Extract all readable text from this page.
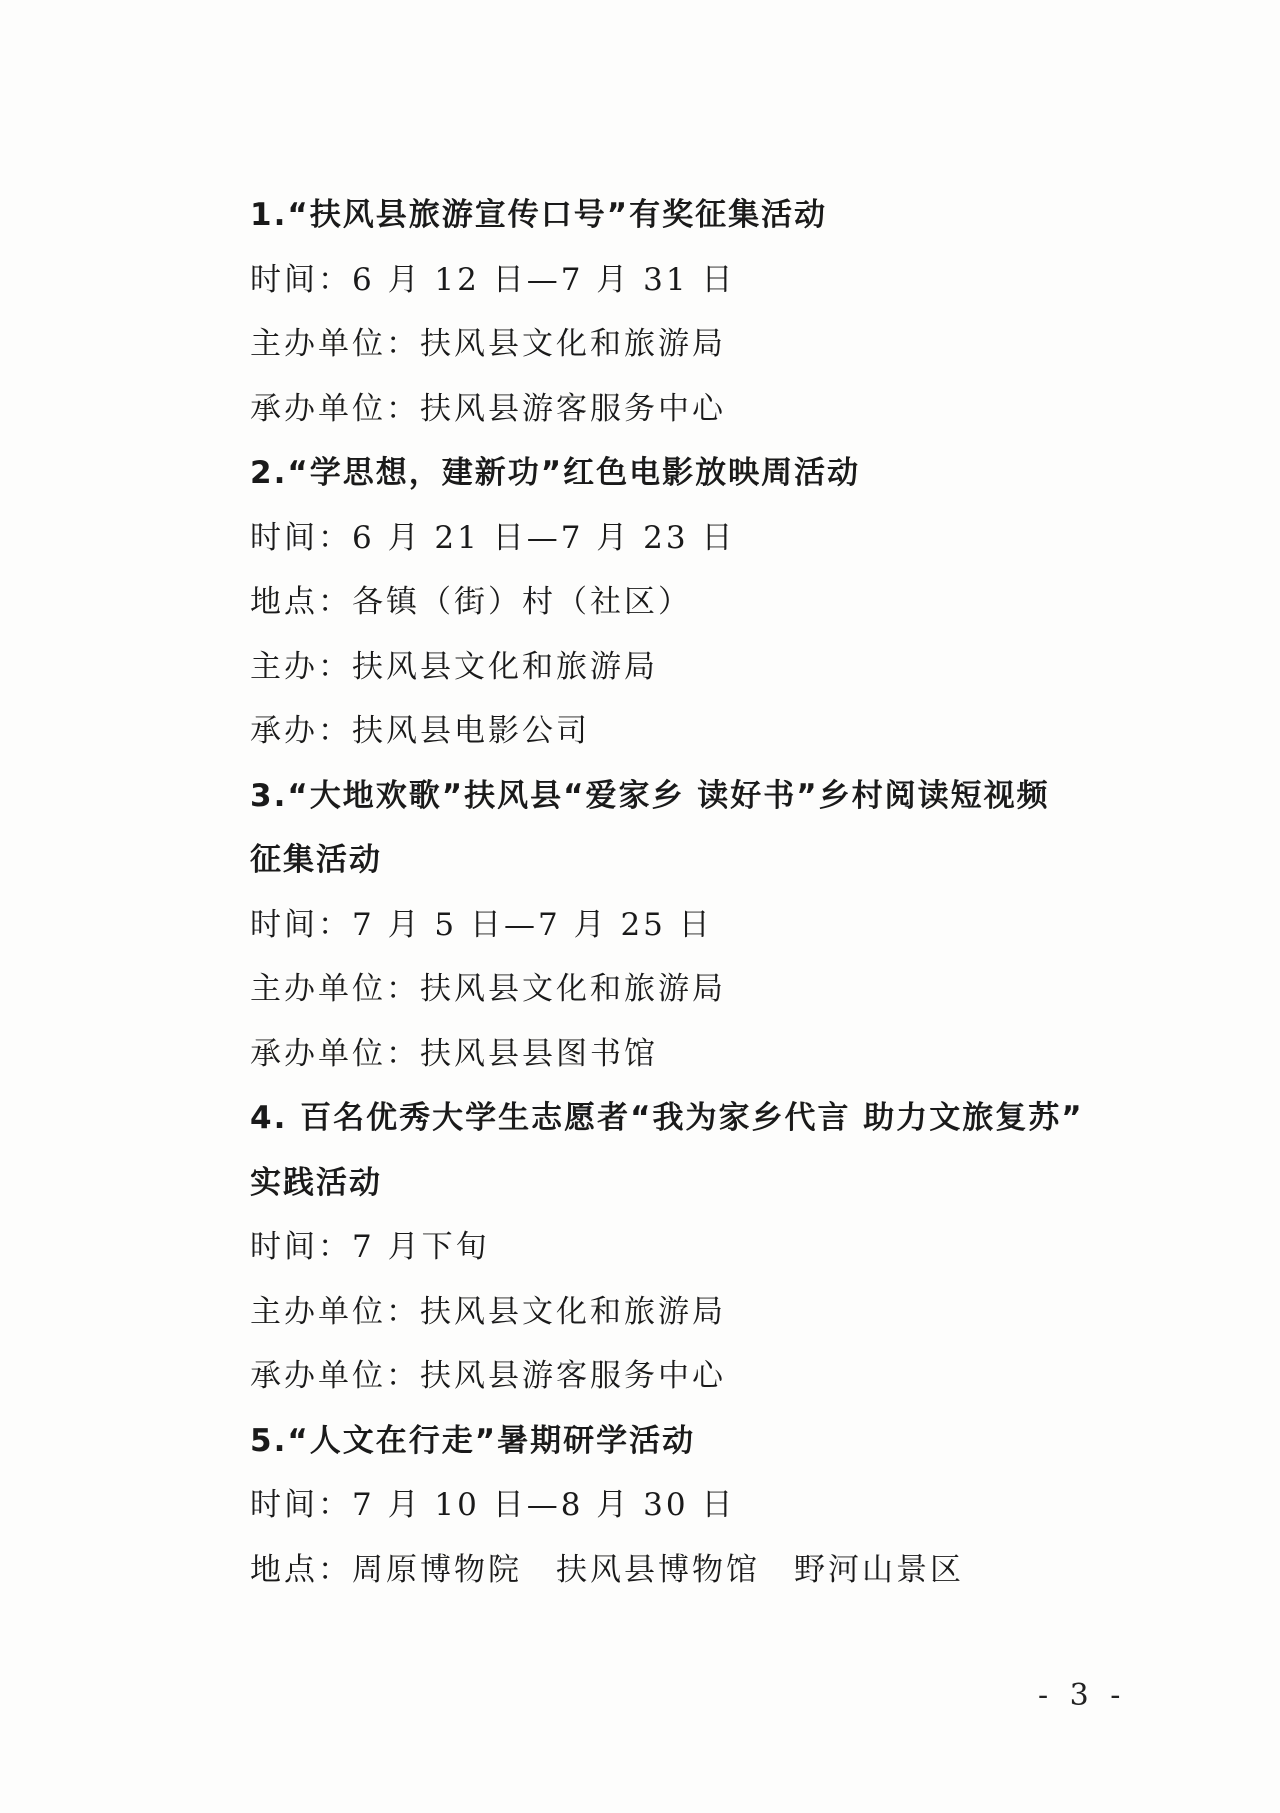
1.“扶风县旅游宣传口号”有奖征集活动
时间：6 月 12 日—7 月 31 日
主办单位：扶风县文化和旅游局
承办单位：扶风县游客服务中心
2.“学思想，建新功”红色电影放映周活动
时间：6 月 21 日—7 月 23 日
地点：各镇（街）村（社区）
主办：扶风县文化和旅游局
承办：扶风县电影公司
3.“大地欢歌”扶风县“爱家乡 读好书”乡村阅读短视频
征集活动
时间：7 月 5 日—7 月 25 日
主办单位：扶风县文化和旅游局
承办单位：扶风县县图书馆
4. 百名优秀大学生志愿者“我为家乡代言 助力文旅复苏”
实践活动
时间：7 月下旬
主办单位：扶风县文化和旅游局
承办单位：扶风县游客服务中心
5.“人文在行走”暑期研学活动
时间：7 月 10 日—8 月 30 日
地点：周原博物院　扶风县博物馆　野河山景区
- 3 -
